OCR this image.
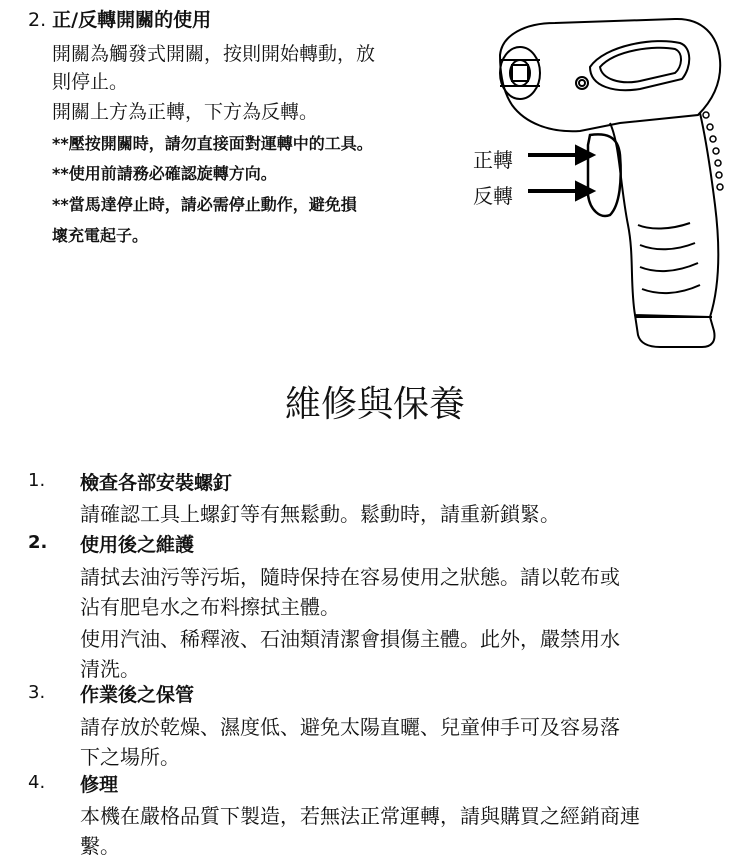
2. 正/反轉開關的使用
開關為觸發式開關，按則開始轉動，放
則停止。
開關上方為正轉，下方為反轉。
**壓按開關時，請勿直接面對運轉中的工具。
**使用前請務必確認旋轉方向。
**當馬達停止時，請必需停止動作，避免損
壞充電起子。
正轉
反轉
維修與保養
1. 檢查各部安裝螺釘
請確認工具上螺釘等有無鬆動。鬆動時，請重新鎖緊。
2. 使用後之維護
請拭去油污等污垢，隨時保持在容易使用之狀態。請以乾布或
沾有肥皂水之布料擦拭主體。
使用汽油、稀釋液、石油類清潔會損傷主體。此外，嚴禁用水
清洗。
3. 作業後之保管
請存放於乾燥、濕度低、避免太陽直曬、兒童伸手可及容易落
下之場所。
4. 修理
本機在嚴格品質下製造，若無法正常運轉，請與購買之經銷商連
繫。
